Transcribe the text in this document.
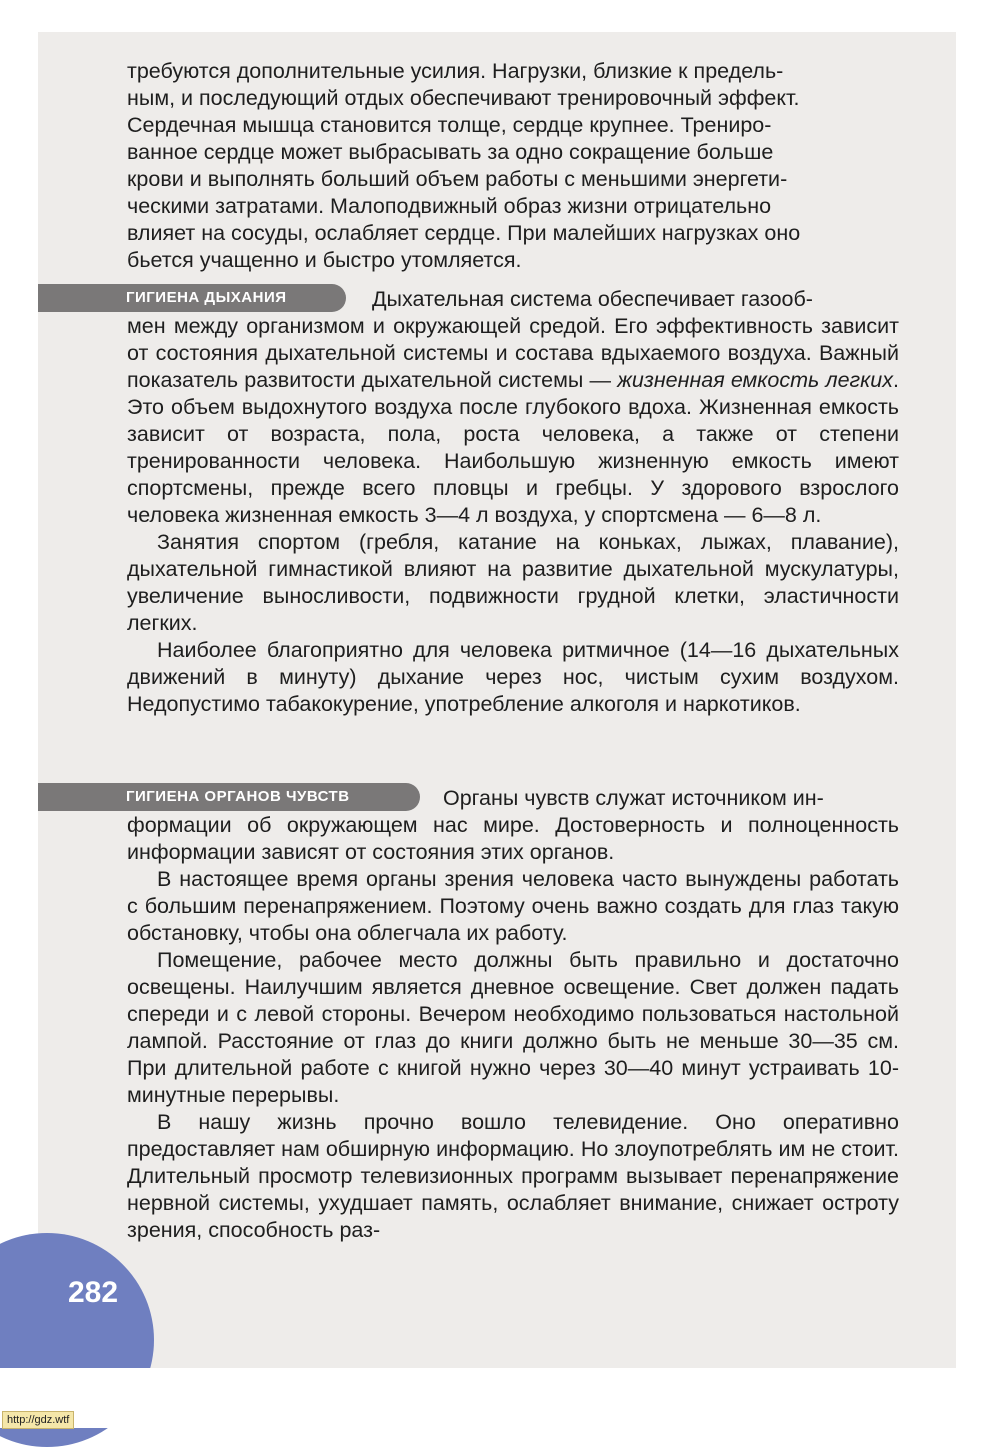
требуются дополнительные усилия. Нагрузки, близкие к предель-
ным, и последующий отдых обеспечивают тренировочный эффект.
Сердечная мышца становится толще, сердце крупнее. Трениро-
ванное сердце может выбрасывать за одно сокращение больше
крови и выполнять больший объем работы с меньшими энергети-
ческими затратами. Малоподвижный образ жизни отрицательно
влияет на сосуды, ослабляет сердце. При малейших нагрузках оно
бьется учащенно и быстро утомляется.
ГИГИЕНА ДЫХАНИЯ	Дыхательная система обеспечивает газооб-
мен между организмом и окружающей средой. Его эффективность зависит от состояния дыхательной системы и состава вдыхаемого воздуха. Важный показатель развитости дыхательной системы — жизненная емкость легких. Это объем выдохнутого воздуха после глубокого вдоха. Жизненная емкость зависит от возраста, пола, роста человека, а также от степени тренированности человека. Наибольшую жизненную емкость имеют спортсмены, прежде всего пловцы и гребцы. У здорового взрослого человека жизненная емкость 3—4 л воздуха, у спортсмена — 6—8 л.
Занятия спортом (гребля, катание на коньках, лыжах, плавание), дыхательной гимнастикой влияют на развитие дыхательной мускулатуры, увеличение выносливости, подвижности грудной клетки, эластичности легких.
Наиболее благоприятно для человека ритмичное (14—16 дыхательных движений в минуту) дыхание через нос, чистым сухим воздухом. Недопустимо табакокурение, употребление алкоголя и наркотиков.
ГИГИЕНА ОРГАНОВ ЧУВСТВ	Органы чувств служат источником ин-
формации об окружающем нас мире. Достоверность и полноценность информации зависят от состояния этих органов.
В настоящее время органы зрения человека часто вынуждены работать с большим перенапряжением. Поэтому очень важно создать для глаз такую обстановку, чтобы она облегчала их работу.
Помещение, рабочее место должны быть правильно и достаточно освещены. Наилучшим является дневное освещение. Свет должен падать спереди и с левой стороны. Вечером необходимо пользоваться настольной лампой. Расстояние от глаз до книги должно быть не меньше 30—35 см. При длительной работе с книгой нужно через 30—40 минут устраивать 10-минутные перерывы.
В нашу жизнь прочно вошло телевидение. Оно оперативно предоставляет нам обширную информацию. Но злоупотреблять им не стоит. Длительный просмотр телевизионных программ вызывает перенапряжение нервной системы, ухудшает память, ослабляет внимание, снижает остроту зрения, способность раз-
282
http://gdz.wtf
